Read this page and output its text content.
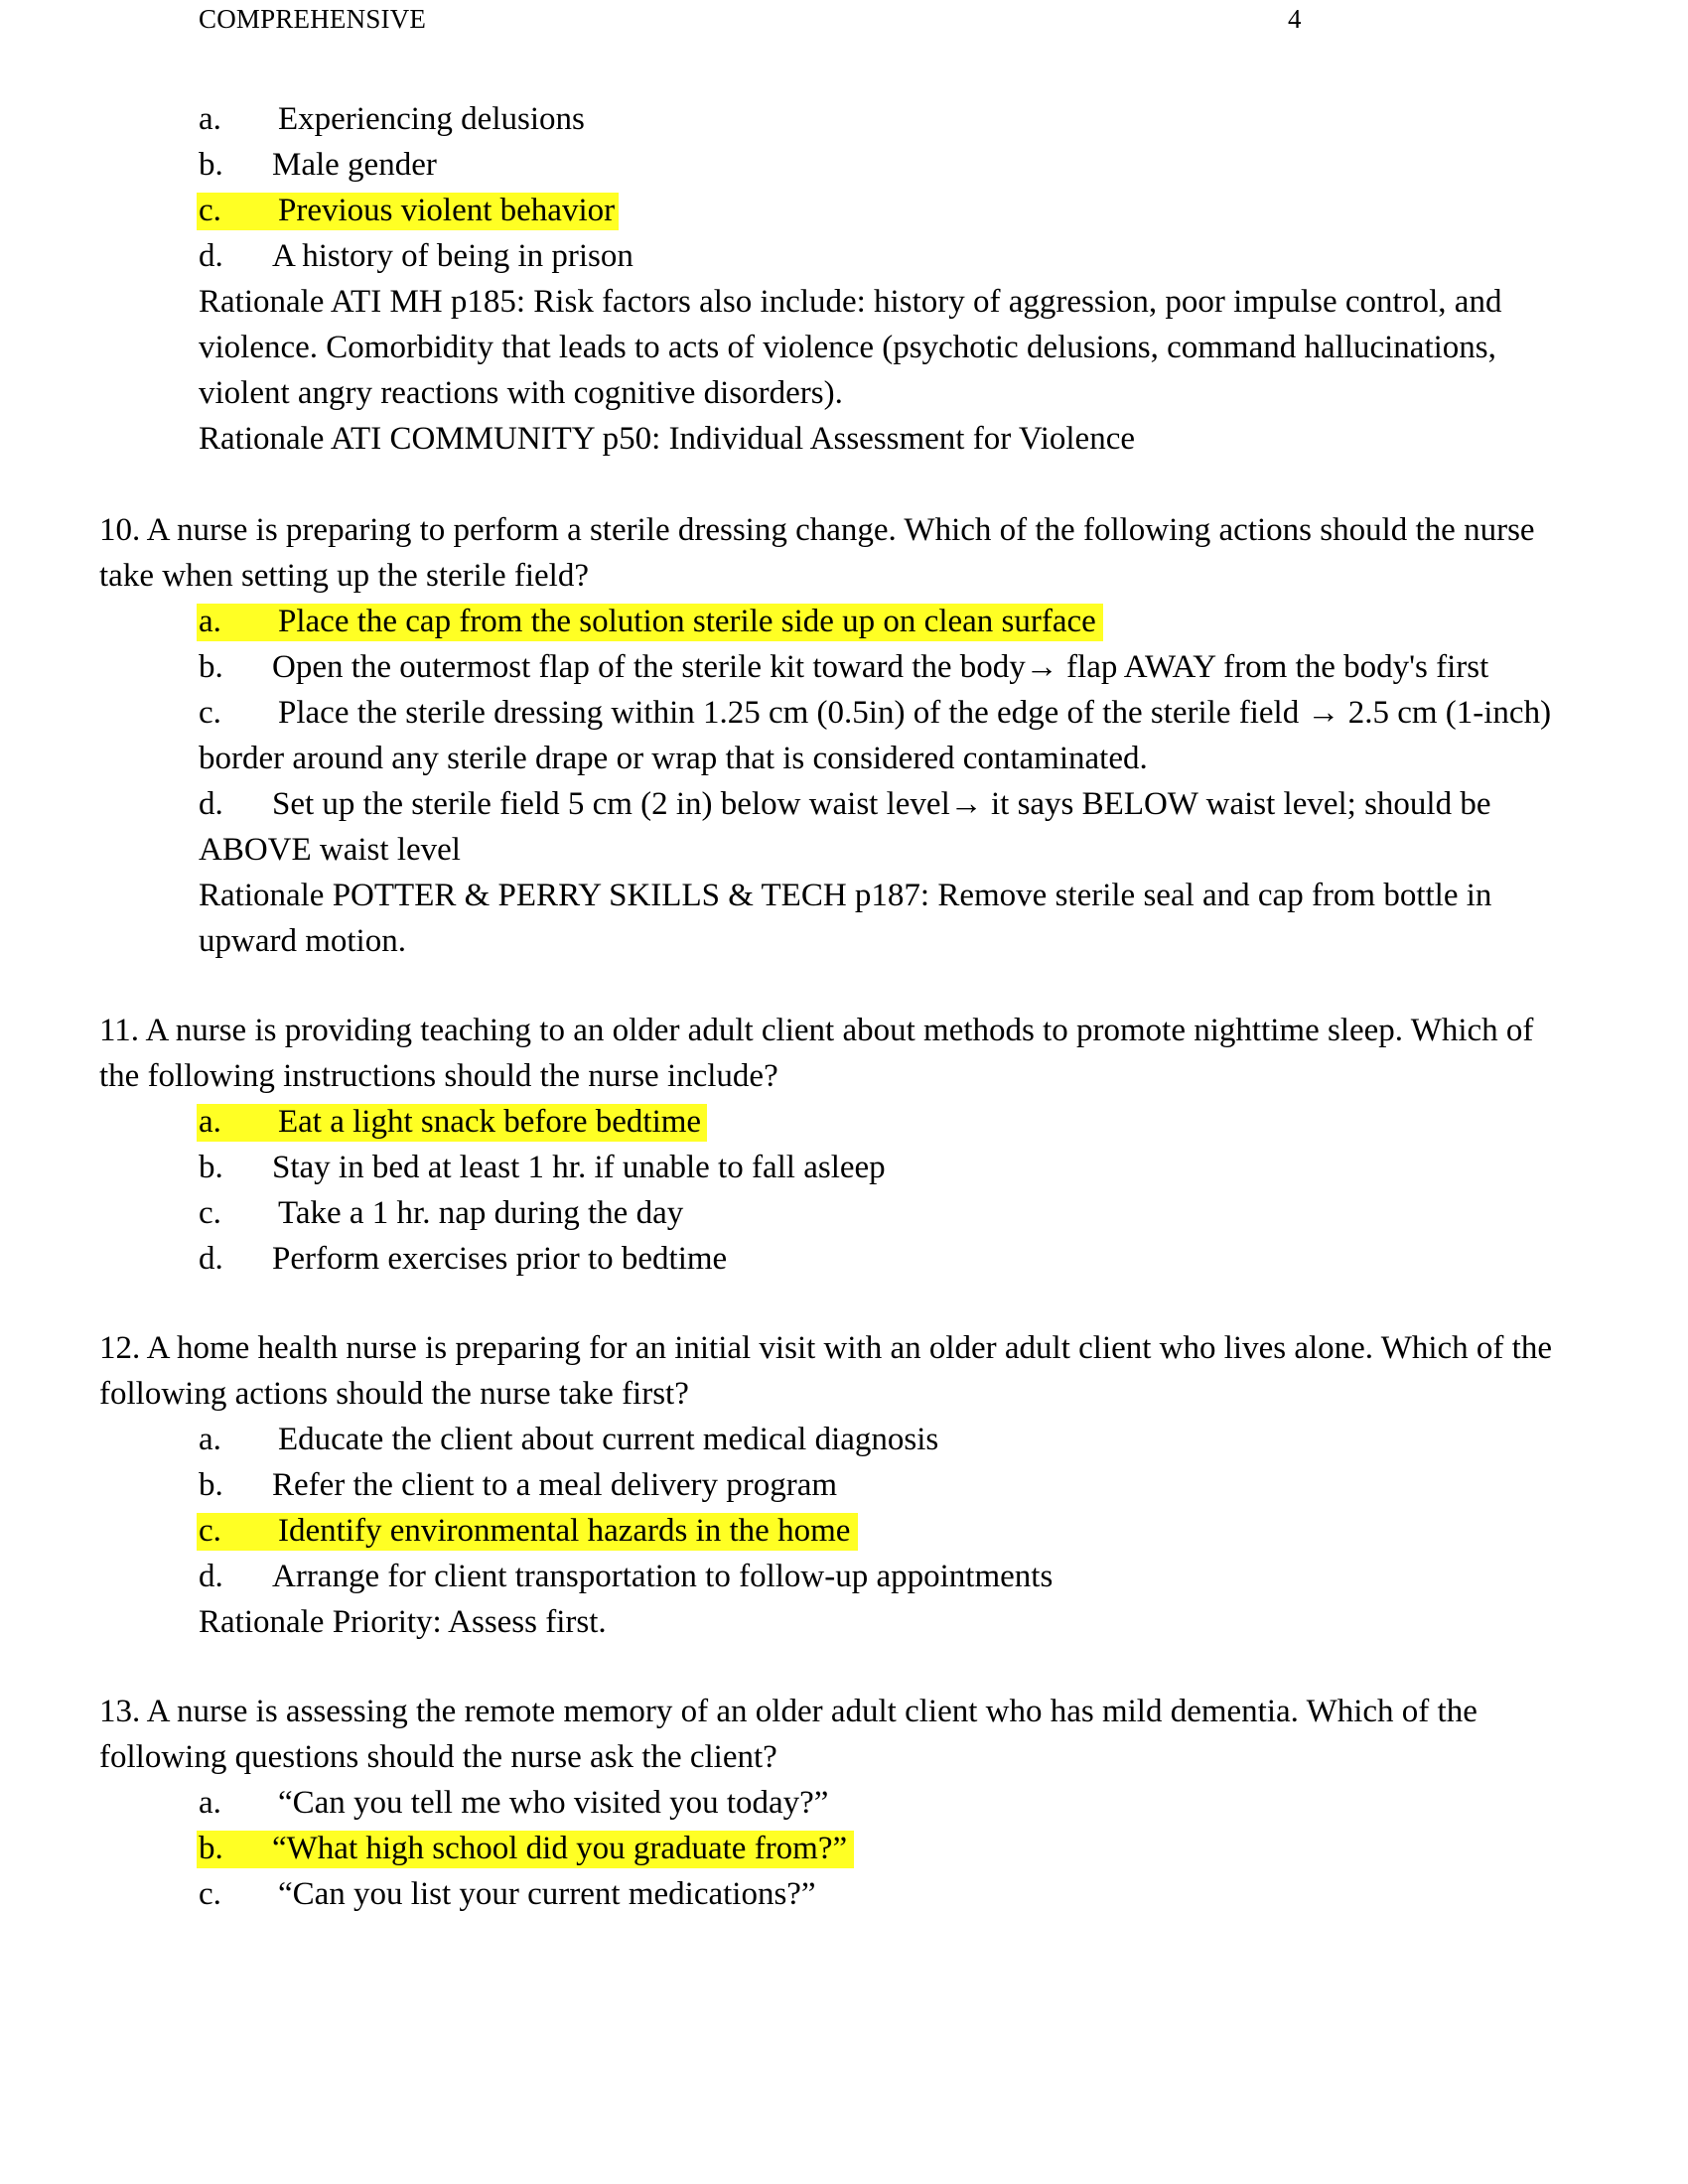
COMPREHENSIVE	4
a. Experiencing delusions
b. Male gender
c. Previous violent behavior
d. A history of being in prison
Rationale ATI MH p185: Risk factors also include: history of aggression, poor impulse control, and
violence. Comorbidity that leads to acts of violence (psychotic delusions, command hallucinations,
violent angry reactions with cognitive disorders).
Rationale ATI COMMUNITY p50: Individual Assessment for Violence
10. A nurse is preparing to perform a sterile dressing change. Which of the following actions should the nurse
take when setting up the sterile field?
a. Place the cap from the solution sterile side up on clean surface
b. Open the outermost flap of the sterile kit toward the body→ flap AWAY from the body's first
c. Place the sterile dressing within 1.25 cm (0.5in) of the edge of the sterile field → 2.5 cm (1-inch)
border around any sterile drape or wrap that is considered contaminated.
d. Set up the sterile field 5 cm (2 in) below waist level→ it says BELOW waist level; should be
ABOVE waist level
Rationale POTTER & PERRY SKILLS & TECH p187: Remove sterile seal and cap from bottle in
upward motion.
11. A nurse is providing teaching to an older adult client about methods to promote nighttime sleep. Which of
the following instructions should the nurse include?
a. Eat a light snack before bedtime
b. Stay in bed at least 1 hr. if unable to fall asleep
c. Take a 1 hr. nap during the day
d. Perform exercises prior to bedtime
12. A home health nurse is preparing for an initial visit with an older adult client who lives alone. Which of the
following actions should the nurse take first?
a. Educate the client about current medical diagnosis
b. Refer the client to a meal delivery program
c. Identify environmental hazards in the home
d. Arrange for client transportation to follow-up appointments
Rationale Priority: Assess first.
13. A nurse is assessing the remote memory of an older adult client who has mild dementia. Which of the
following questions should the nurse ask the client?
a. “Can you tell me who visited you today?”
b. “What high school did you graduate from?”
c. “Can you list your current medications?”
